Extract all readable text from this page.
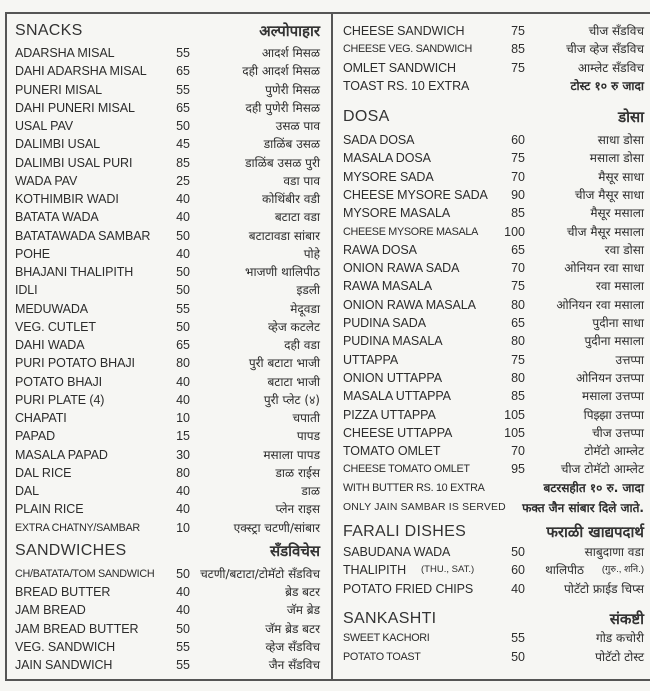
SNACKS	अल्पोपाहार
ADARSHA MISAL	55	आदर्श मिसळ
DAHI ADARSHA MISAL	65	दही आदर्श मिसळ
PUNERI MISAL	55	पुणेरी मिसळ
DAHI PUNERI MISAL	65	दही पुणेरी मिसळ
USAL PAV	50	उसळ पाव
DALIMBI USAL	45	डाळिंब उसळ
DALIMBI USAL PURI	85	डाळिंब उसळ पुरी
WADA PAV	25	वडा पाव
KOTHIMBIR WADI	40	कोथिंबीर वडी
BATATA WADA	40	बटाटा वडा
BATATAWADA SAMBAR	50	बटाटावडा सांबार
POHE	40	पोहे
BHAJANI THALIPITH	50	भाजणी थालिपीठ
IDLI	50	इडली
MEDUWADA	55	मेदूवडा
VEG. CUTLET	50	व्हेज कटलेट
DAHI WADA	65	दही वडा
PURI POTATO BHAJI	80	पुरी बटाटा भाजी
POTATO BHAJI	40	बटाटा भाजी
PURI PLATE (4)	40	पुरी प्लेट (४)
CHAPATI	10	चपाती
PAPAD	15	पापड
MASALA PAPAD	30	मसाला पापड
DAL RICE	80	डाळ राईस
DAL	40	डाळ
PLAIN RICE	40	प्लेन राइस
EXTRA CHATNY/SAMBAR	10	एक्स्ट्रा चटणी/सांबार
SANDWICHES	सँडविचेस
CH/BATATA/TOM SANDWICH	50 चटणी/बटाटा/टोमॅटो सँडविच
BREAD BUTTER	40	ब्रेड बटर
JAM BREAD	40	जॅम ब्रेड
JAM BREAD BUTTER	50	जॅम ब्रेड बटर
VEG. SANDWICH	55	व्हेज सँडविच
JAIN SANDWICH	55	जैन सँडविच
CHEESE SANDWICH	75	चीज सँडविच
CHEESE VEG. SANDWICH	85	चीज व्हेज सँडविच
OMLET SANDWICH	75	आम्लेट सँडविच
TOAST RS. 10 EXTRA	टोस्ट १० रु जादा
DOSA	डोसा
SADA DOSA	60	साधा डोसा
MASALA DOSA	75	मसाला डोसा
MYSORE SADA	70	मैसूर साधा
CHEESE MYSORE SADA	90	चीज मैसूर साधा
MYSORE MASALA	85	मैसूर मसाला
CHEESE MYSORE MASALA	100	चीज मैसूर मसाला
RAWA DOSA	65	रवा डोसा
ONION RAWA SADA	70	ओनियन रवा साधा
RAWA MASALA	75	रवा मसाला
ONION RAWA MASALA	80	ओनियन रवा मसाला
PUDINA SADA	65	पुदीना साधा
PUDINA MASALA	80	पुदीना मसाला
UTTAPPA	75	उत्तप्पा
ONION UTTAPPA	80	ओनियन उत्तप्पा
MASALA UTTAPPA	85	मसाला उत्तप्पा
PIZZA UTTAPPA	105	पिझ्झा उत्तप्पा
CHEESE UTTAPPA	105	चीज उत्तप्पा
TOMATO OMLET	70	टोमॅटो आम्लेट
CHEESE TOMATO OMLET	95	चीज टोमॅटो आम्लेट
WITH BUTTER RS. 10 EXTRA	बटरसहीत १० रु. जादा
ONLY JAIN SAMBAR IS SERVED फक्त जैन सांबार दिले जाते.
FARALI DISHES	फराळी खाद्यपदार्थ
SABUDANA WADA	50	साबुदाणा वडा
THALIPITH (THU., SAT.)	60 थालिपीठ (गुरु., शनि.)
POTATO FRIED CHIPS	40	पोटॅटो फ्राईड चिप्स
SANKASHTI	संकष्टी
SWEET KACHORI	55	गोड कचोरी
POTATO TOAST	50	पोटॅटो टोस्ट
